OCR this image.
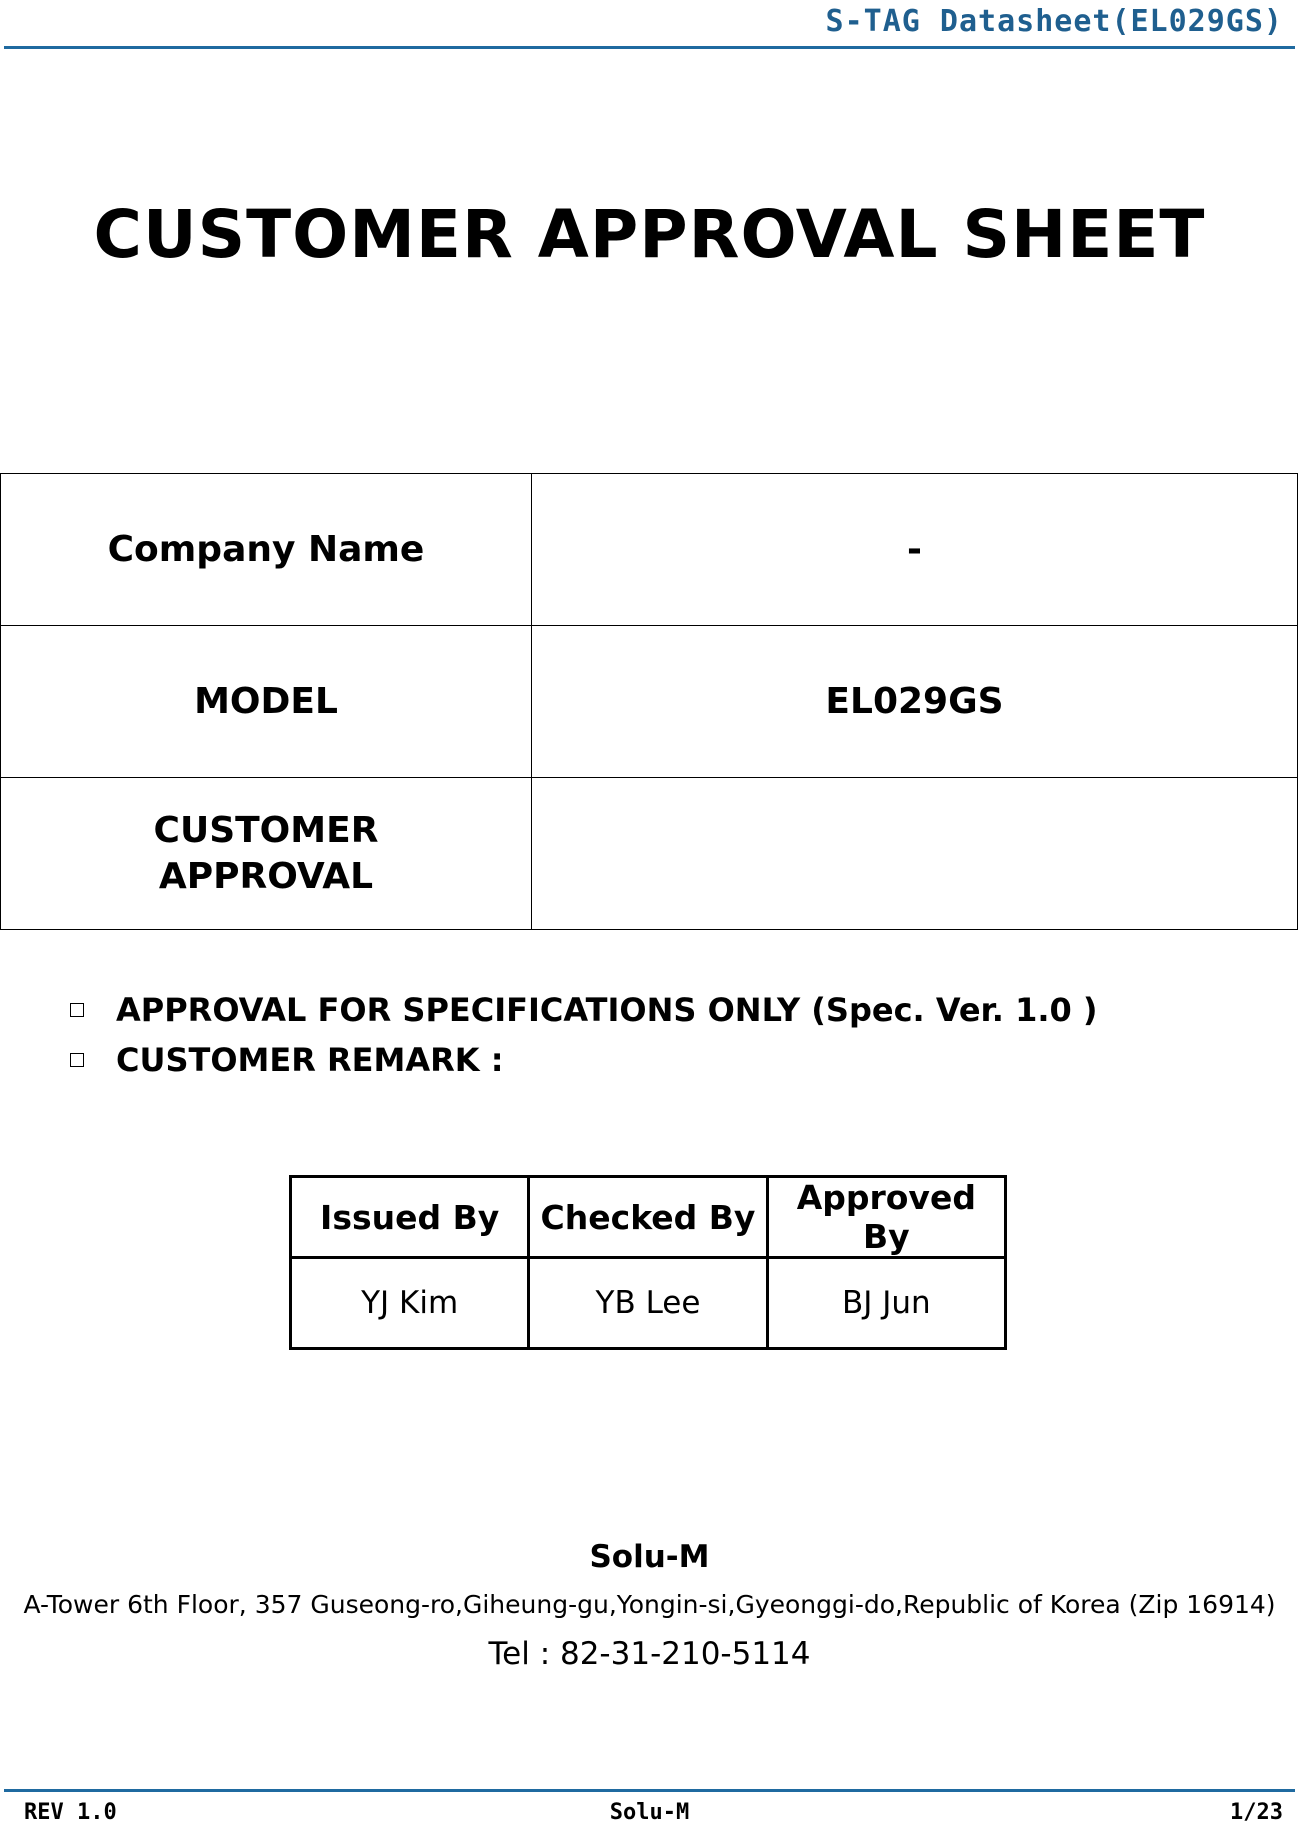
S-TAG Datasheet(EL029GS)
CUSTOMER APPROVAL SHEET
Company Name	-
MODEL	EL029GS
CUSTOMER APPROVAL	
APPROVAL FOR SPECIFICATIONS ONLY (Spec. Ver. 1.0 )
CUSTOMER REMARK :
Issued By	Checked By	Approved By
YJ Kim	YB Lee	BJ Jun
Solu-M
A-Tower 6th Floor, 357 Guseong-ro,Giheung-gu,Yongin-si,Gyeonggi-do,Republic of Korea (Zip 16914)
Tel : 82-31-210-5114
REV 1.0	Solu-M	1/23
